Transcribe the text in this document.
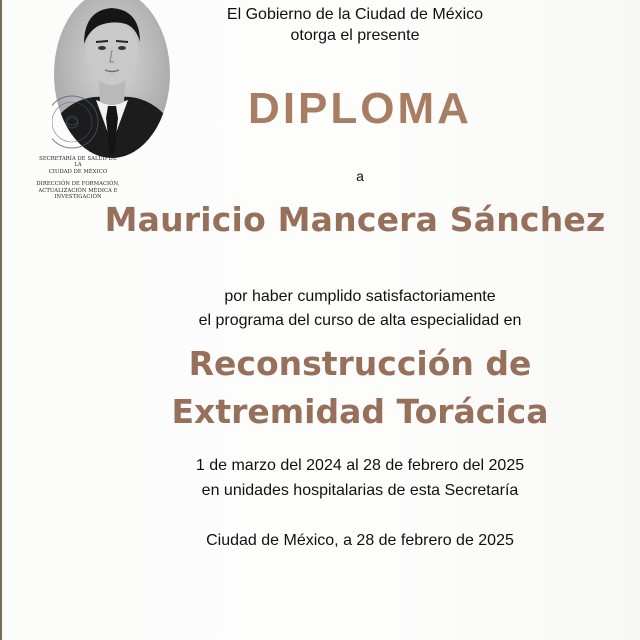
SECRETARÍA DE SALUD DE LA
CIUDAD DE MÉXICO
DIRECCIÓN DE FORMACIÓN,
ACTUALIZACIÓN MÉDICA E
INVESTIGACIÓN
El Gobierno de la Ciudad de México
otorga el presente
DIPLOMA
a
Mauricio Mancera Sánchez
por haber cumplido satisfactoriamente
el programa del curso de alta especialidad en
Reconstrucción de
Extremidad Torácica
1 de marzo del 2024 al 28 de febrero del 2025
en unidades hospitalarias de esta Secretaría
Ciudad de México, a 28 de febrero de 2025
